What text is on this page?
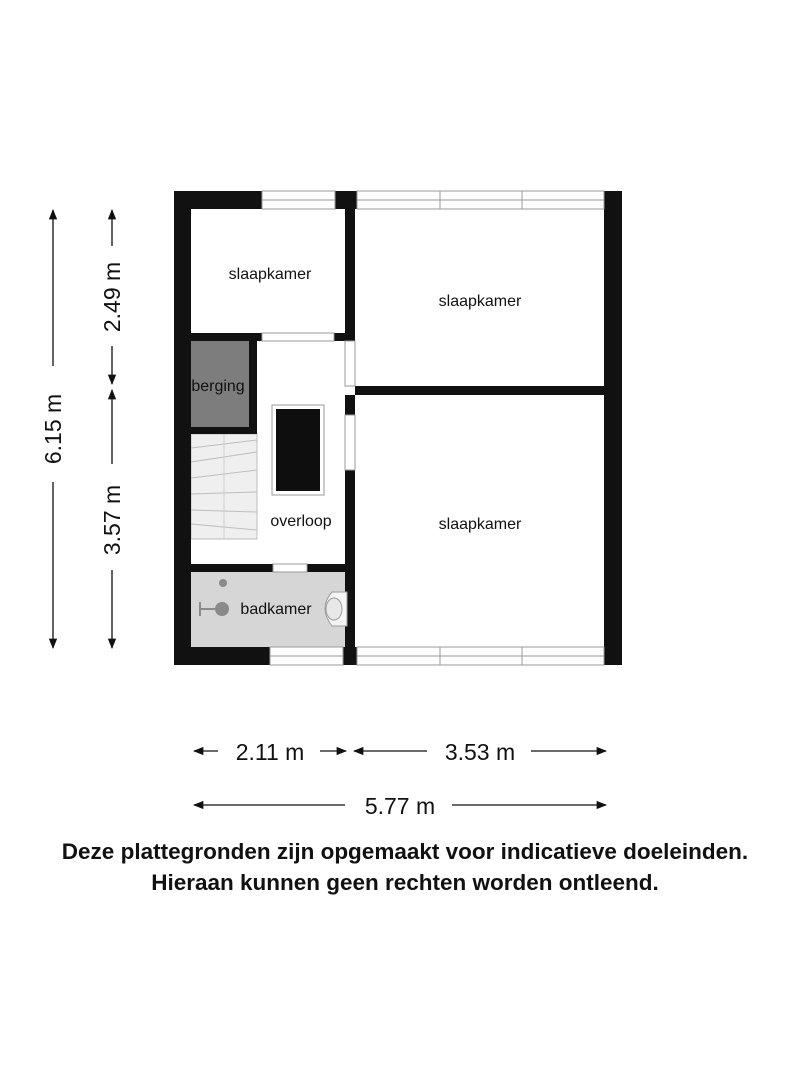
slaapkamer
slaapkamer
slaapkamer
berging
overloop
badkamer
6.15 m
2.49 m
3.57 m
2.11 m	3.53 m
5.77 m
Deze plattegronden zijn opgemaakt voor indicatieve doeleinden.
Hieraan kunnen geen rechten worden ontleend.
